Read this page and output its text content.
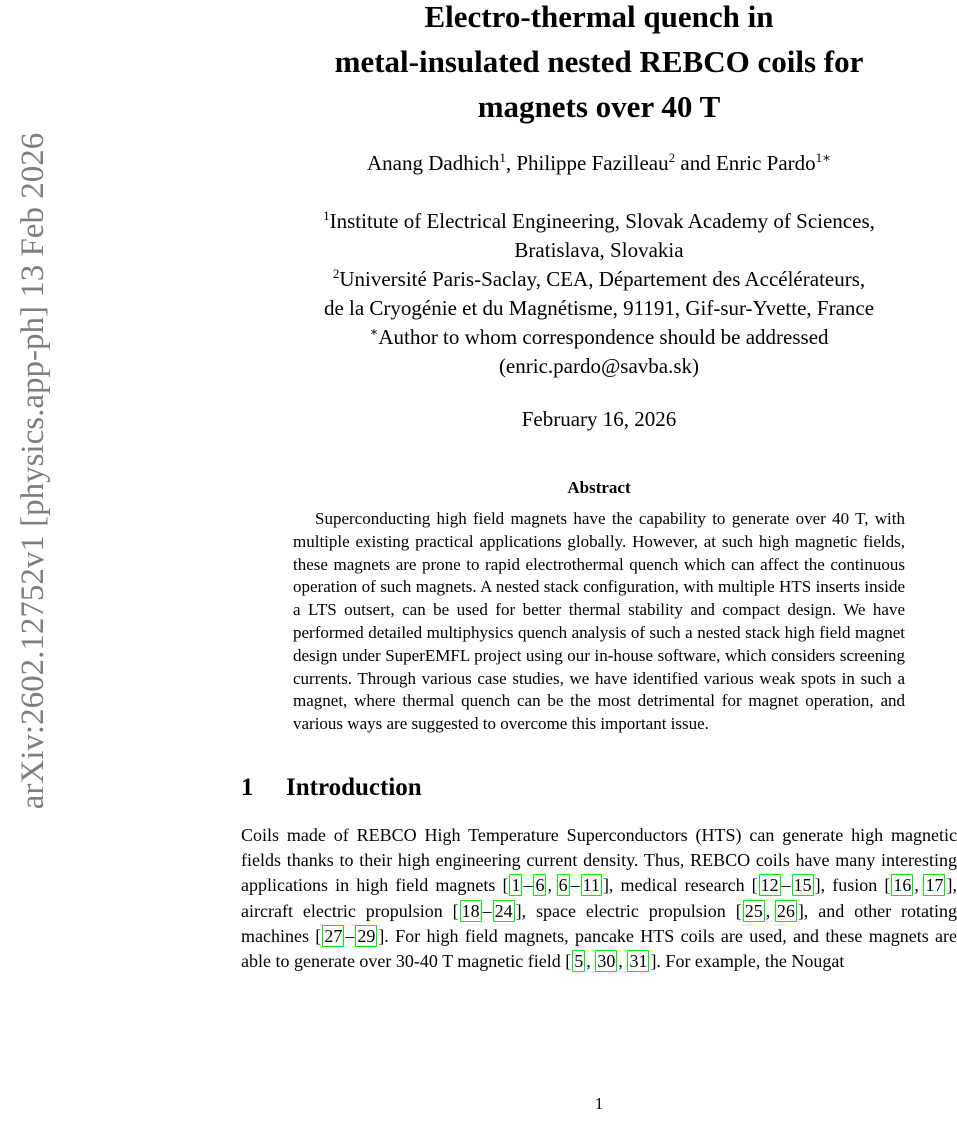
arXiv:2602.12752v1 [physics.app-ph] 13 Feb 2026
Electro-thermal quench in
metal-insulated nested REBCO coils for
magnets over 40 T
Anang Dadhich$^1$, Philippe Fazilleau$^2$ and Enric Pardo$^{1∗}$
$^1$Institute of Electrical Engineering, Slovak Academy of Sciences,
Bratislava, Slovakia
$^2$Université Paris-Saclay, CEA, Département des Accélérateurs,
de la Cryogénie et du Magnétisme, 91191, Gif-sur-Yvette, France
∗Author to whom correspondence should be addressed
(enric.pardo@savba.sk)
February 16, 2026
Abstract
Superconducting high field magnets have the capability to generate over 40 T, with multiple existing practical applications globally. However, at such high magnetic fields, these magnets are prone to rapid electrothermal quench which can affect the continuous operation of such magnets. A nested stack configuration, with multiple HTS inserts inside a LTS outsert, can be used for better thermal stability and compact design. We have performed detailed multiphysics quench analysis of such a nested stack high field magnet design under SuperEMFL project using our in-house software, which considers screening currents. Through various case studies, we have identified various weak spots in such a magnet, where thermal quench can be the most detrimental for magnet operation, and various ways are suggested to overcome this important issue.
1 Introduction
Coils made of REBCO High Temperature Superconductors (HTS) can generate high magnetic fields thanks to their high engineering current density. Thus, REBCO coils have many interesting applications in high field magnets [ 1 – 6 , 6 – 11 ], medical research [ 12 – 15 ], fusion [ 16 , 17 ], aircraft electric propulsion [ 18 – 24 ], space electric propulsion [ 25 , 26 ], and other rotating machines [ 27 – 29 ]. For high field magnets, pancake HTS coils are used, and these magnets are able to generate over 30-40 T magnetic field [ 5 , 30 , 31 ]. For example, the Nougat
1
